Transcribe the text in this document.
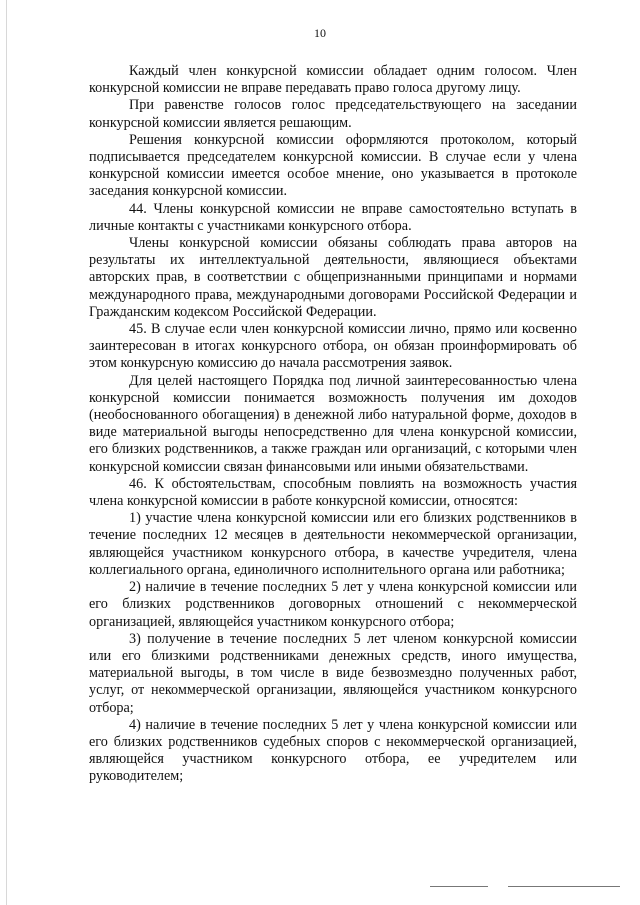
10

Каждый член конкурсной комиссии обладает одним голосом. Член конкурсной комиссии не вправе передавать право голоса другому лицу.

При равенстве голосов голос председательствующего на заседании конкурсной комиссии является решающим.

Решения конкурсной комиссии оформляются протоколом, который подписывается председателем конкурсной комиссии. В случае если у члена конкурсной комиссии имеется особое мнение, оно указывается в протоколе заседания конкурсной комиссии.

44. Члены конкурсной комиссии не вправе самостоятельно вступать в личные контакты с участниками конкурсного отбора.

Члены конкурсной комиссии обязаны соблюдать права авторов на результаты их интеллектуальной деятельности, являющиеся объектами авторских прав, в соответствии с общепризнанными принципами и нормами международного права, международными договорами Российской Федерации и Гражданским кодексом Российской Федерации.

45. В случае если член конкурсной комиссии лично, прямо или косвенно заинтересован в итогах конкурсного отбора, он обязан проинформировать об этом конкурсную комиссию до начала рассмотрения заявок.

Для целей настоящего Порядка под личной заинтересованностью члена конкурсной комиссии понимается возможность получения им доходов (необоснованного обогащения) в денежной либо натуральной форме, доходов в виде материальной выгоды непосредственно для члена конкурсной комиссии, его близких родственников, а также граждан или организаций, с которыми член конкурсной комиссии связан финансовыми или иными обязательствами.

46. К обстоятельствам, способным повлиять на возможность участия члена конкурсной комиссии в работе конкурсной комиссии, относятся:

1) участие члена конкурсной комиссии или его близких родственников в течение последних 12 месяцев в деятельности некоммерческой организации, являющейся участником конкурсного отбора, в качестве учредителя, члена коллегиального органа, единоличного исполнительного органа или работника;

2) наличие в течение последних 5 лет у члена конкурсной комиссии или его близких родственников договорных отношений с некоммерческой организацией, являющейся участником конкурсного отбора;

3) получение в течение последних 5 лет членом конкурсной комиссии или его близкими родственниками денежных средств, иного имущества, материальной выгоды, в том числе в виде безвозмездно полученных работ, услуг, от некоммерческой организации, являющейся участником конкурсного отбора;

4) наличие в течение последних 5 лет у члена конкурсной комиссии или его близких родственников судебных споров с некоммерческой организацией, являющейся участником конкурсного отбора, ее учредителем или руководителем;
